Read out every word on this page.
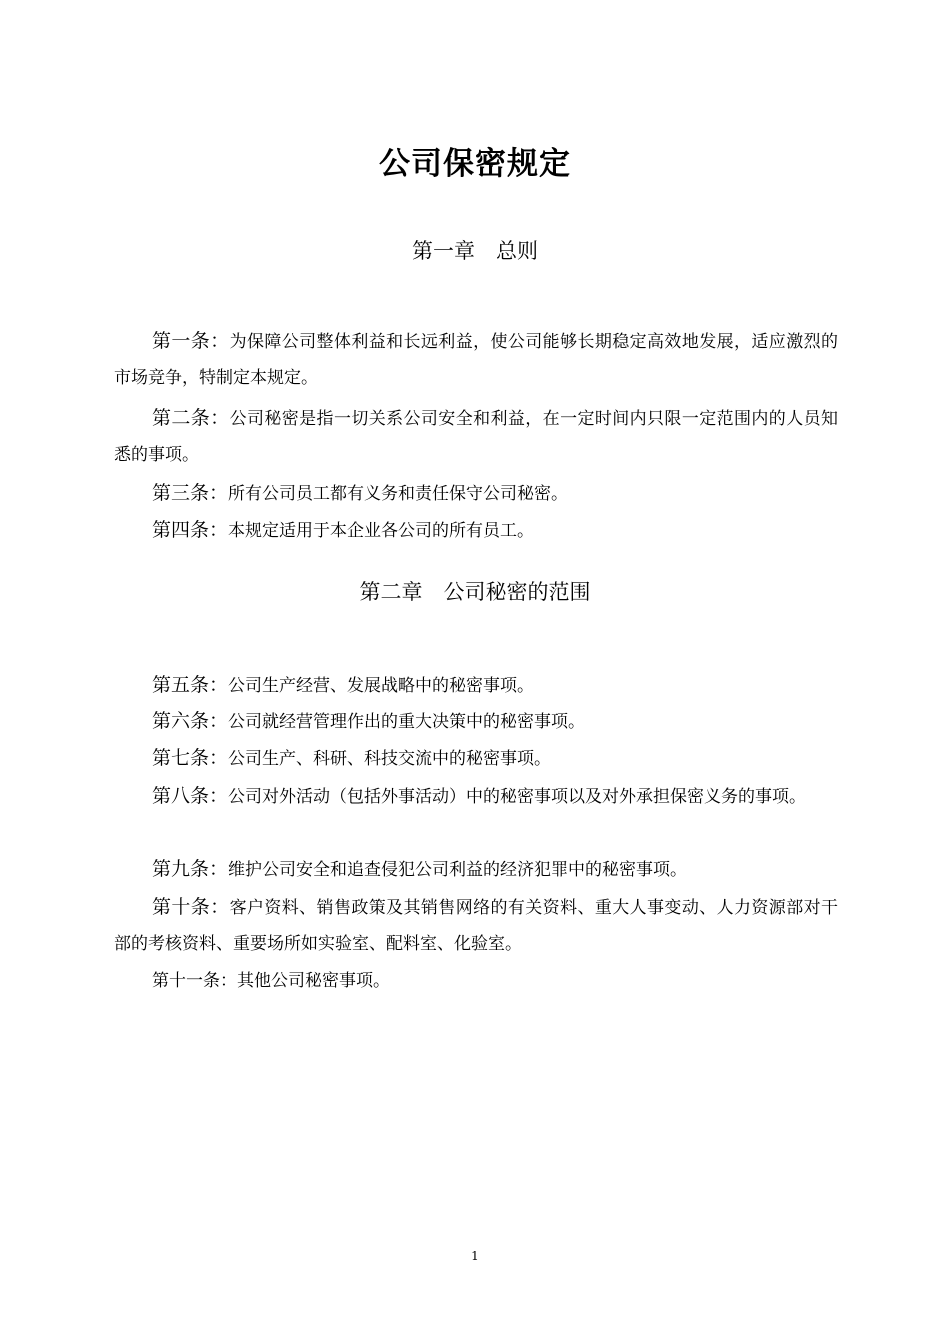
公司保密规定
第一章　总则

第一条：为保障公司整体利益和长远利益，使公司能够长期稳定高效地发展，适应激烈的市场竞争，特制定本规定。

第二条：公司秘密是指一切关系公司安全和利益，在一定时间内只限一定范围内的人员知悉的事项。

第三条：所有公司员工都有义务和责任保守公司秘密。

第四条：本规定适用于本企业各公司的所有员工。

第二章　公司秘密的范围

第五条：公司生产经营、发展战略中的秘密事项。

第六条：公司就经营管理作出的重大决策中的秘密事项。

第七条：公司生产、科研、科技交流中的秘密事项。

第八条：公司对外活动（包括外事活动）中的秘密事项以及对外承担保密义务的事项。

第九条：维护公司安全和追查侵犯公司利益的经济犯罪中的秘密事项。

第十条：客户资料、销售政策及其销售网络的有关资料、重大人事变动、人力资源部对干部的考核资料、重要场所如实验室、配料室、化验室。

第十一条：其他公司秘密事项。

1
